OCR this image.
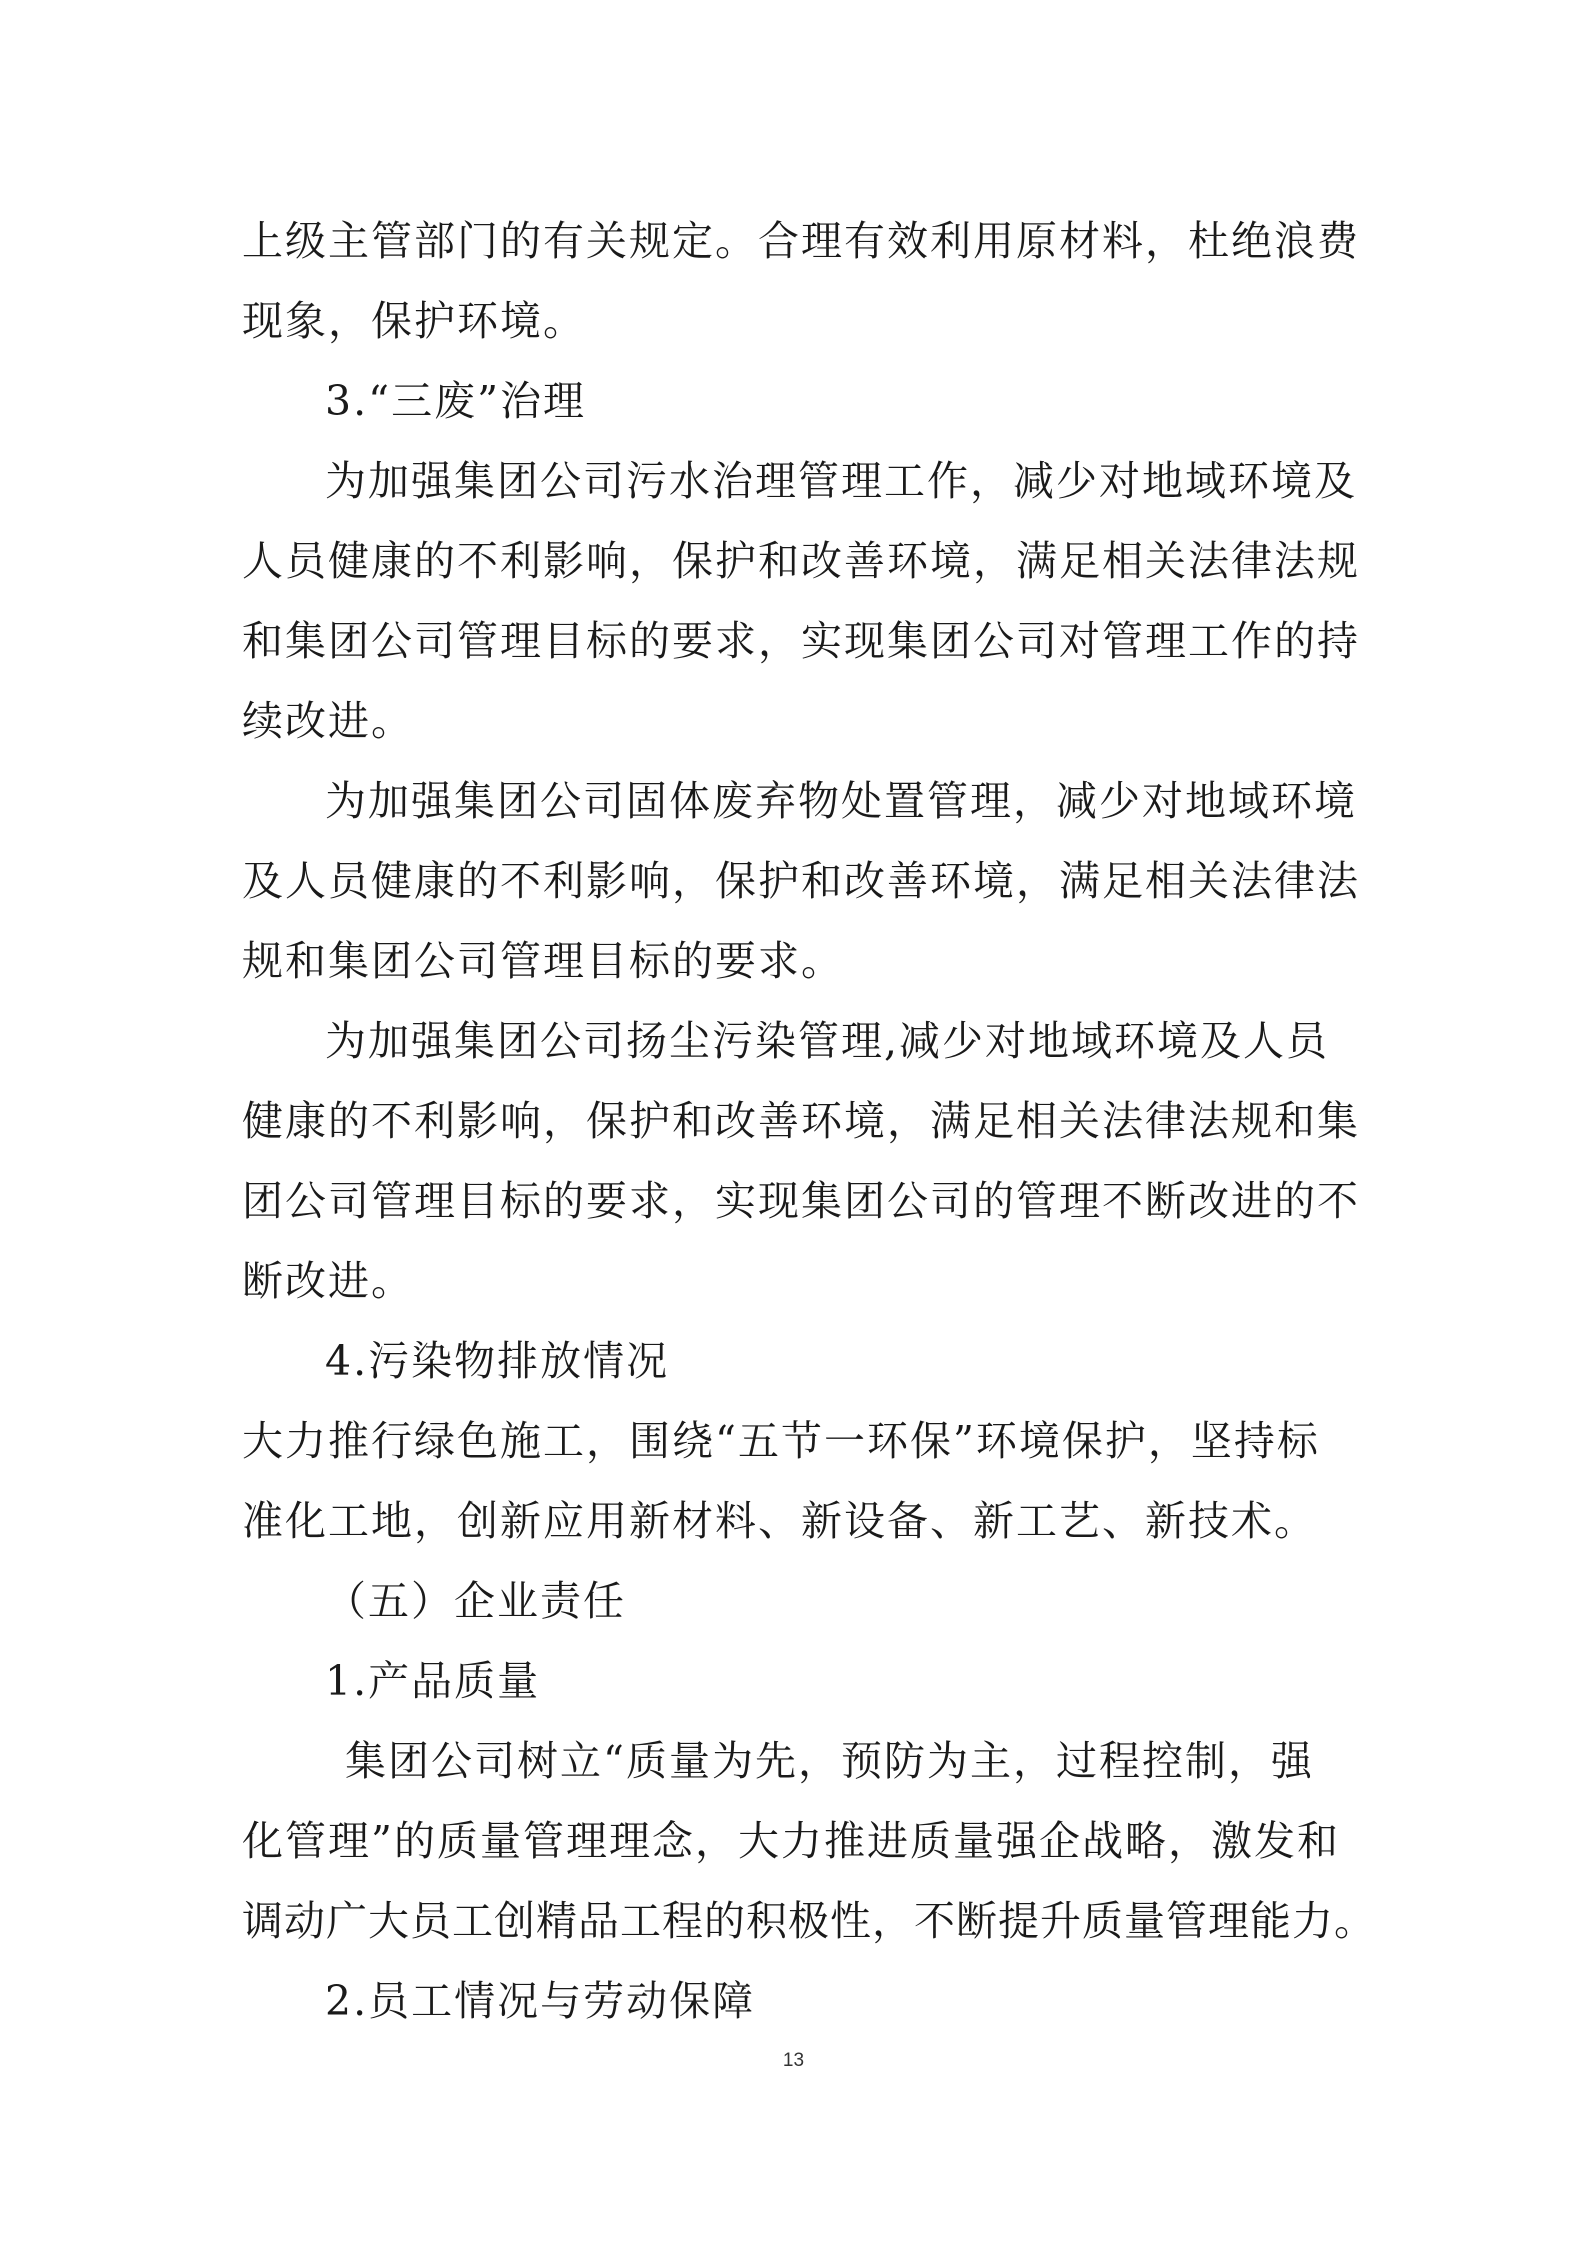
上级主管部门的有关规定。合理有效利用原材料，杜绝浪费
现象，保护环境。
3.“三废”治理
为加强集团公司污水治理管理工作，减少对地域环境及
人员健康的不利影响，保护和改善环境，满足相关法律法规
和集团公司管理目标的要求，实现集团公司对管理工作的持
续改进。
为加强集团公司固体废弃物处置管理，减少对地域环境
及人员健康的不利影响，保护和改善环境，满足相关法律法
规和集团公司管理目标的要求。
为加强集团公司扬尘污染管理,减少对地域环境及人员
健康的不利影响，保护和改善环境，满足相关法律法规和集
团公司管理目标的要求，实现集团公司的管理不断改进的不
断改进。
4.污染物排放情况
大力推行绿色施工，围绕“五节一环保”环境保护，坚持标
准化工地，创新应用新材料、新设备、新工艺、新技术。
（五）企业责任
1.产品质量
集团公司树立“质量为先，预防为主，过程控制，强
化管理”的质量管理理念，大力推进质量强企战略，激发和
调动广大员工创精品工程的积极性，不断提升质量管理能力。
2.员工情况与劳动保障
13
